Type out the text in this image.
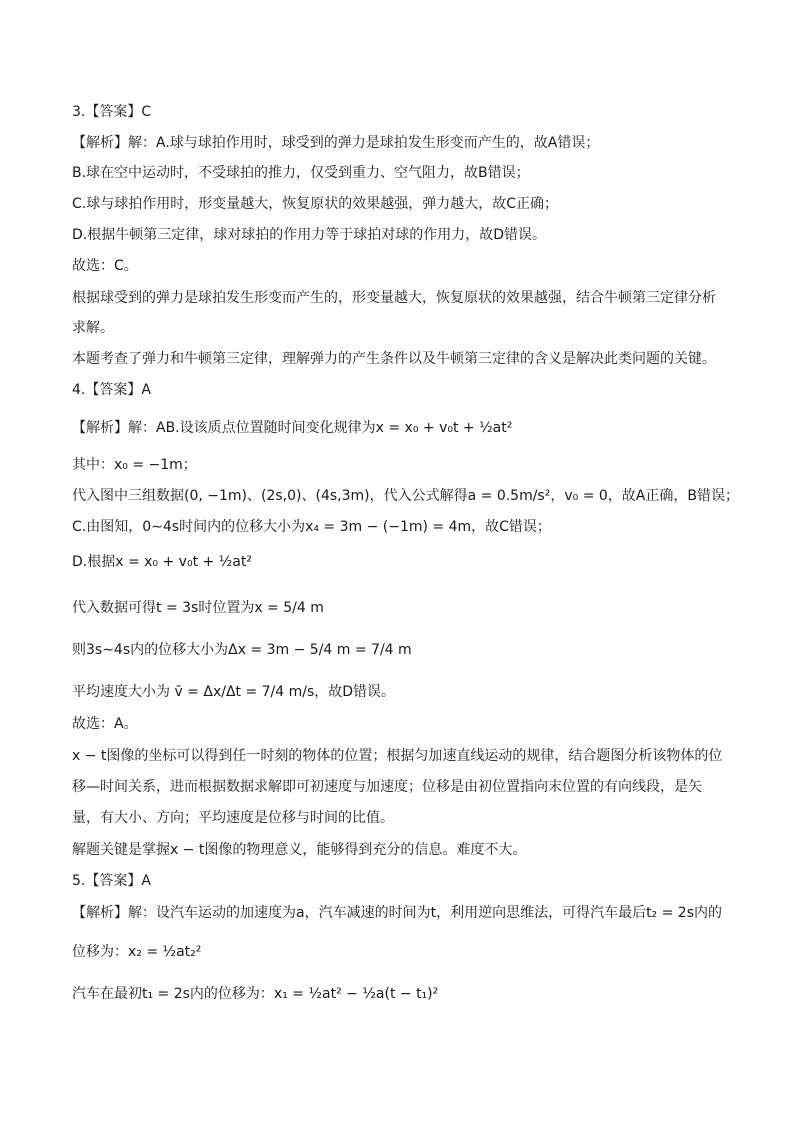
3.【答案】C
【解析】解：A.球与球拍作用时，球受到的弹力是球拍发生形变而产生的，故A错误；
B.球在空中运动时，不受球拍的推力，仅受到重力、空气阻力，故B错误；
C.球与球拍作用时，形变量越大，恢复原状的效果越强，弹力越大，故C正确；
D.根据牛顿第三定律，球对球拍的作用力等于球拍对球的作用力，故D错误。
故选：C。
根据球受到的弹力是球拍发生形变而产生的，形变量越大，恢复原状的效果越强，结合牛顿第三定律分析
求解。
本题考查了弹力和牛顿第三定律，理解弹力的产生条件以及牛顿第三定律的含义是解决此类问题的关键。
4.【答案】A
【解析】解：AB.设该质点位置随时间变化规律为x = x₀ + v₀t + ½at²
其中：x₀ = −1m；
代入图中三组数据(0, −1m)、(2s,0)、(4s,3m)，代入公式解得a = 0.5m/s²，v₀ = 0，故A正确，B错误；
C.由图知，0∼4s时间内的位移大小为x₄ = 3m − (−1m) = 4m，故C错误；
D.根据x = x₀ + v₀t + ½at²
代入数据可得t = 3s时位置为x = 5/4 m
则3s∼4s内的位移大小为Δx = 3m − 5/4 m = 7/4 m
平均速度大小为 v̄ = Δx/Δt = 7/4 m/s，故D错误。
故选：A。
x − t图像的坐标可以得到任一时刻的物体的位置；根据匀加速直线运动的规律，结合题图分析该物体的位
移—时间关系，进而根据数据求解即可初速度与加速度；位移是由初位置指向末位置的有向线段，是矢
量，有大小、方向；平均速度是位移与时间的比值。
解题关键是掌握x − t图像的物理意义，能够得到充分的信息。难度不大。
5.【答案】A
【解析】解：设汽车运动的加速度为a，汽车减速的时间为t，利用逆向思维法，可得汽车最后t₂ = 2s内的
位移为：x₂ = ½at₂²
汽车在最初t₁ = 2s内的位移为：x₁ = ½at² − ½a(t − t₁)²
